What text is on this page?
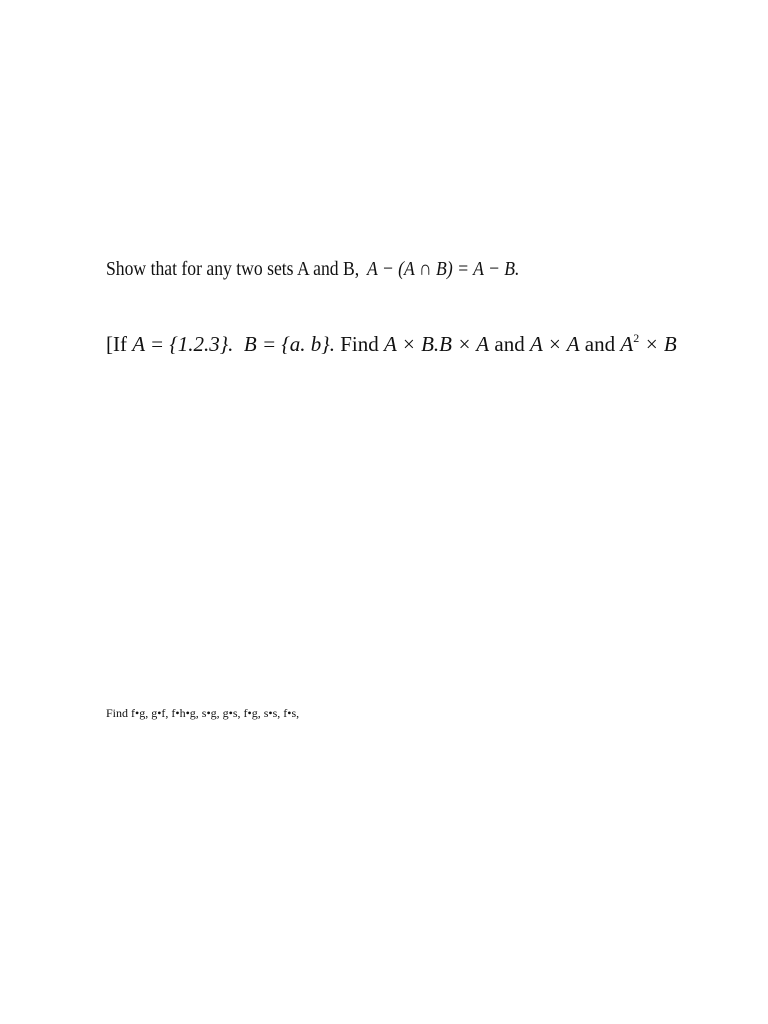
Show that for any two sets A and B, A − (A ∩ B) = A − B.
[If A = {1.2.3}. B = {a. b}. Find A × B.B × A and A × A and $A^2 \times B$
Find f•g, g•f, f•h•g, s•g, g•s, f•g, s•s, f•s,
